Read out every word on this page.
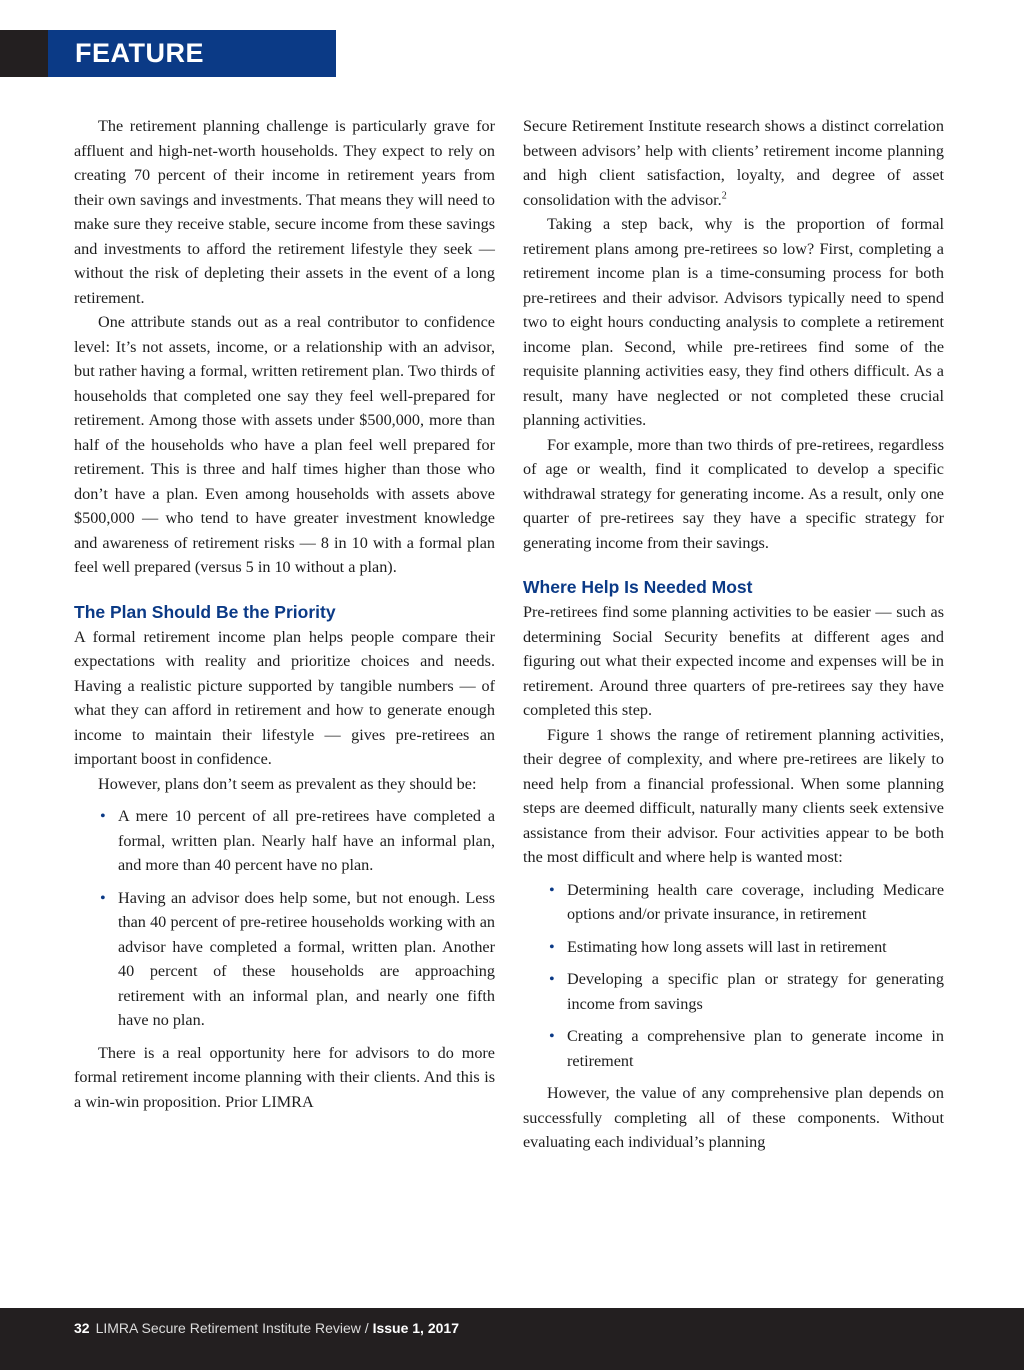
FEATURE

The retirement planning challenge is particularly grave for affluent and high-net-worth households. They expect to rely on creating 70 percent of their income in retirement years from their own savings and investments. That means they will need to make sure they receive stable, secure income from these savings and investments to afford the retirement lifestyle they seek — without the risk of depleting their assets in the event of a long retirement.

One attribute stands out as a real contributor to confidence level: It’s not assets, income, or a relationship with an advisor, but rather having a formal, written retirement plan. Two thirds of households that completed one say they feel well-prepared for retirement. Among those with assets under $500,000, more than half of the households who have a plan feel well prepared for retirement. This is three and half times higher than those who don’t have a plan. Even among households with assets above $500,000 — who tend to have greater investment knowledge and awareness of retirement risks — 8 in 10 with a formal plan feel well prepared (versus 5 in 10 without a plan).

The Plan Should Be the Priority

A formal retirement income plan helps people compare their expectations with reality and prioritize choices and needs. Having a realistic picture supported by tangible numbers — of what they can afford in retirement and how to generate enough income to maintain their lifestyle — gives pre-retirees an important boost in confidence.

However, plans don’t seem as prevalent as they should be:

• A mere 10 percent of all pre-retirees have completed a formal, written plan. Nearly half have an informal plan, and more than 40 percent have no plan.
• Having an advisor does help some, but not enough. Less than 40 percent of pre-retiree households working with an advisor have completed a formal, written plan. Another 40 percent of these households are approaching retirement with an informal plan, and nearly one fifth have no plan.

There is a real opportunity here for advisors to do more formal retirement income planning with their clients. And this is a win-win proposition. Prior LIMRA

Secure Retirement Institute research shows a distinct correlation between advisors’ help with clients’ retirement income planning and high client satisfaction, loyalty, and degree of asset consolidation with the advisor.$^2$

Taking a step back, why is the proportion of formal retirement plans among pre-retirees so low? First, completing a retirement income plan is a time-consuming process for both pre-retirees and their advisor. Advisors typically need to spend two to eight hours conducting analysis to complete a retirement income plan. Second, while pre-retirees find some of the requisite planning activities easy, they find others difficult. As a result, many have neglected or not completed these crucial planning activities.

For example, more than two thirds of pre-retirees, regardless of age or wealth, find it complicated to develop a specific withdrawal strategy for generating income. As a result, only one quarter of pre-retirees say they have a specific strategy for generating income from their savings.

Where Help Is Needed Most

Pre-retirees find some planning activities to be easier — such as determining Social Security benefits at different ages and figuring out what their expected income and expenses will be in retirement. Around three quarters of pre-retirees say they have completed this step.

Figure 1 shows the range of retirement planning activities, their degree of complexity, and where pre-retirees are likely to need help from a financial professional. When some planning steps are deemed difficult, naturally many clients seek extensive assistance from their advisor. Four activities appear to be both the most difficult and where help is wanted most:

• Determining health care coverage, including Medicare options and/or private insurance, in retirement
• Estimating how long assets will last in retirement
• Developing a specific plan or strategy for generating income from savings
• Creating a comprehensive plan to generate income in retirement

However, the value of any comprehensive plan depends on successfully completing all of these components. Without evaluating each individual’s planning

32 LIMRA Secure Retirement Institute Review / Issue 1, 2017
